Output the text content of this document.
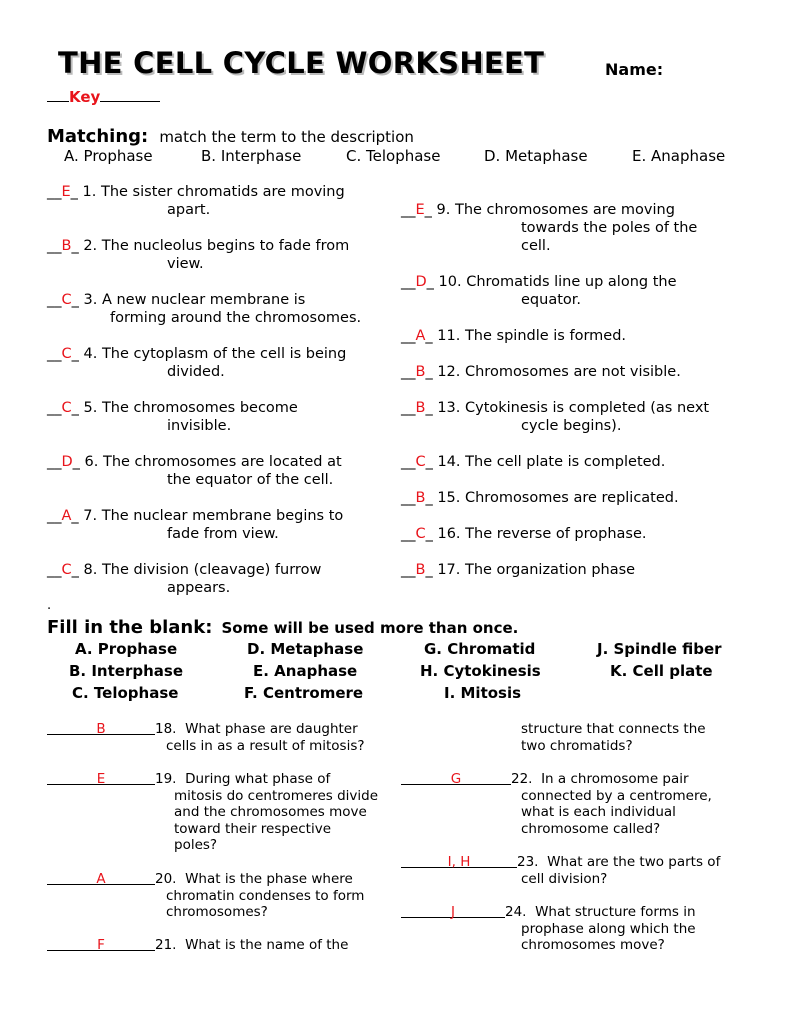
THE CELL CYCLE WORKSHEET	Name:
Key
Matching: match the term to the description
A. Prophase	B. Interphase	C. Telophase	D. Metaphase	E. Anaphase
__E_ 1. The sister chromatids are moving
apart.
__B_ 2. The nucleolus begins to fade from
view.
__C_ 3. A new nuclear membrane is
forming around the chromosomes.
__C_ 4. The cytoplasm of the cell is being
divided.
__C_ 5. The chromosomes become
invisible.
__D_ 6. The chromosomes are located at
the equator of the cell.
__A_ 7. The nuclear membrane begins to
fade from view.
__C_ 8. The division (cleavage) furrow
appears.
__E_ 9. The chromosomes are moving
towards the poles of the
cell.
__D_ 10. Chromatids line up along the
equator.
__A_ 11. The spindle is formed.
__B_ 12. Chromosomes are not visible.
__B_ 13. Cytokinesis is completed (as next
cycle begins).
__C_ 14. The cell plate is completed.
__B_ 15. Chromosomes are replicated.
__C_ 16. The reverse of prophase.
__B_ 17. The organization phase
.
Fill in the blank: Some will be used more than once.
A. Prophase	D. Metaphase	G. Chromatid	J. Spindle fiber
B. Interphase	E. Anaphase	H. Cytokinesis	K. Cell plate
C. Telophase	F. Centromere	I. Mitosis
B	18. What phase are daughter
cells in as a result of mitosis?
E	19. During what phase of
mitosis do centromeres divide
and the chromosomes move
toward their respective
poles?
A	20. What is the phase where
chromatin condenses to form
chromosomes?
F	21. What is the name of the
structure that connects the
two chromatids?
G	22. In a chromosome pair
connected by a centromere,
what is each individual
chromosome called?
I, H	23. What are the two parts of
cell division?
J	24. What structure forms in
prophase along which the
chromosomes move?
